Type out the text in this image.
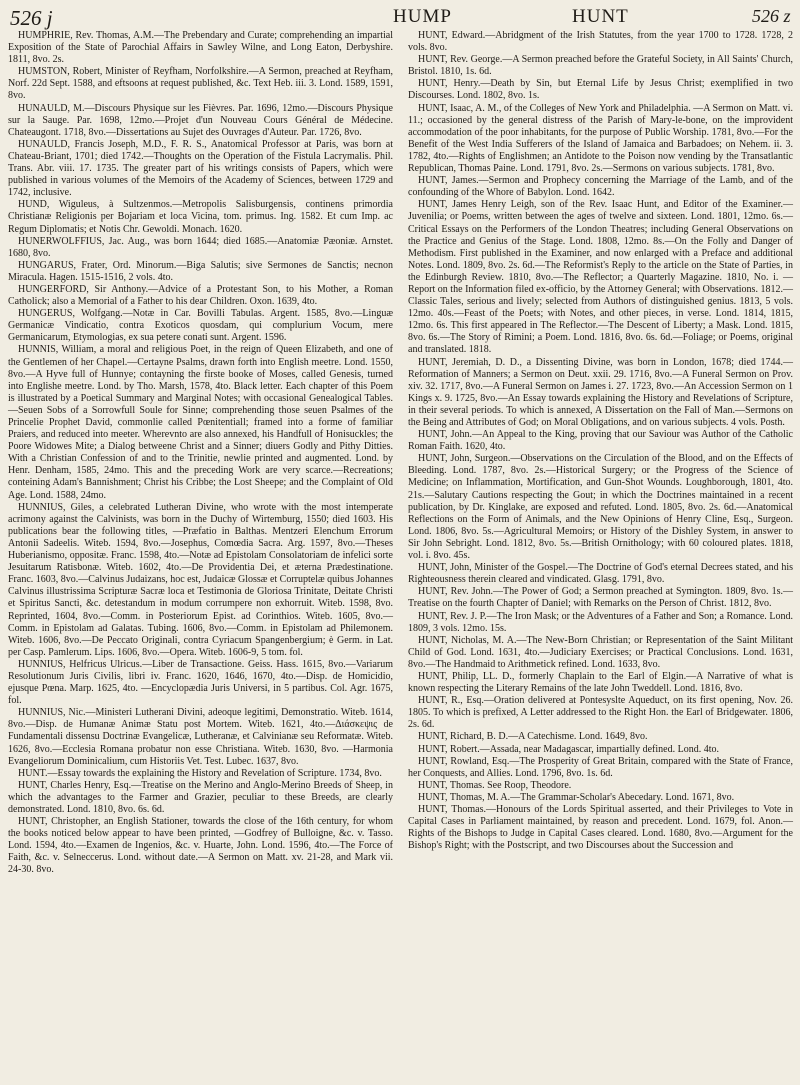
526 j	HUMP	HUNT	526 z

HUMPHRIE, Rev. Thomas, A.M.—The Prebendary and Curate; comprehending an impartial Exposition of the State of Parochial Affairs in Sawley Wilne, and Long Eaton, Derbyshire. 1811, 8vo. 2s.

HUMSTON, Robert, Minister of Reyfham, Norfolkshire.—A Sermon, preached at Reyfham, Norf. 22d Sept. 1588, and eftsoons at request published, &c. Text Heb. iii. 3. Lond. 1589, 1591, 8vo.

HUNAULD, M.—Discours Physique sur les Fièvres. Par. 1696, 12mo.—Discours Physique sur la Sauge. Par. 1698, 12mo.—Projet d'un Nouveau Cours Général de Médecine. Chateaugont. 1718, 8vo.—Dissertations au Sujet des Ouvrages d'Auteur. Par. 1726, 8vo.

HUNAULD, Francis Joseph, M.D., F. R. S., Anatomical Professor at Paris, was born at Chateau-Briant, 1701; died 1742.—Thoughts on the Operation of the Fistula Lacrymalis. Phil. Trans. Abr. viii. 17. 1735. The greater part of his writings consists of Papers, which were published in various volumes of the Memoirs of the Academy of Sciences, between 1729 and 1742, inclusive.

HUND, Wiguleus, à Sultzenmos.—Metropolis Salisburgensis, continens primordia Christianæ Religionis per Bojariam et loca Vicina, tom. primus. Ing. 1582. Et cum Imp. ac Regum Diplomatis; et Notis Chr. Gewoldi. Monach. 1620.

HUNERWOLFFIUS, Jac. Aug., was born 1644; died 1685.—Anatomiæ Pæoniæ. Arnstet. 1680, 8vo.

HUNGARUS, Frater, Ord. Minorum.—Biga Salutis; sive Sermones de Sanctis; necnon Miracula. Hagen. 1515-1516, 2 vols. 4to.

HUNGERFORD, Sir Anthony.—Advice of a Protestant Son, to his Mother, a Roman Catholick; also a Memorial of a Father to his dear Children. Oxon. 1639, 4to.

HUNGERUS, Wolfgang.—Notæ in Car. Bovilli Tabulas. Argent. 1585, 8vo.—Linguæ Germanicæ Vindicatio, contra Exoticos quosdam, qui complurium Vocum, mere Germanicarum, Etymologias, ex sua petere conati sunt. Argent. 1596.

HUNNIS, William, a moral and religious Poet, in the reign of Queen Elizabeth, and one of the Gentlemen of her Chapel.—Certayne Psalms, drawn forth into English meetre. Lond. 1550, 8vo.—A Hyve full of Hunnye; contayning the firste booke of Moses, called Genesis, turned into Englishe meetre. Lond. by Tho. Marsh, 1578, 4to. Black letter. Each chapter of this Poem is illustrated by a Poetical Summary and Marginal Notes; with occasional Genealogical Tables.—Seuen Sobs of a Sorrowfull Soule for Sinne; comprehending those seuen Psalmes of the Princelie Prophet David, commonlie called Pœnitentiall; framed into a forme of familiar Praiers, and reduced into meeter. Wherevnto are also annexed, his Handfull of Honisuckles; the Poore Widowes Mite; a Dialog betweene Christ and a Sinner; diuers Godly and Pithy Ditties. With a Christian Confession of and to the Trinitie, newlie printed and augmented. Lond. by Henr. Denham, 1585, 24mo. This and the preceding Work are very scarce.—Recreations; conteining Adam's Bannishment; Christ his Cribbe; the Lost Sheepe; and the Complaint of Old Age. Lond. 1588, 24mo.

HUNNIUS, Giles, a celebrated Lutheran Divine, who wrote with the most intemperate acrimony against the Calvinists, was born in the Duchy of Wirtemburg, 1550; died 1603. His publications bear the following titles, —Præfatio in Balthas. Mentzeri Elenchum Errorum Antonii Sadeelis. Witeb. 1594, 8vo.—Josephus, Comœdia Sacra. Arg. 1597, 8vo.—Theses Huberianismo, oppositæ. Franc. 1598, 4to.—Notæ ad Epistolam Consolatoriam de infelici sorte Jesuitarum Ratisbonæ. Witeb. 1602, 4to.—De Providentia Dei, et æterna Prædestinatione. Franc. 1603, 8vo.—Calvinus Judaizans, hoc est, Judaicæ Glossæ et Corruptelæ quibus Johannes Calvinus illustrissima Scripturæ Sacræ loca et Testimonia de Gloriosa Trinitate, Deitate Christi et Spiritus Sancti, &c. detestandum in modum corrumpere non exhorruit. Witeb. 1598, 8vo. Reprinted, 1604, 8vo.—Comm. in Posteriorum Epist. ad Corinthios. Witeb. 1605, 8vo.—Comm. in Epistolam ad Galatas. Tubing. 1606, 8vo.—Comm. in Epistolam ad Philemonem. Witeb. 1606, 8vo.—De Peccato Originali, contra Cyriacum Spangenbergium; è Germ. in Lat. per Casp. Pamlerum. Lips. 1606, 8vo.—Opera. Witeb. 1606-9, 5 tom. fol.

HUNNIUS, Helfricus Ulricus.—Liber de Transactione. Geiss. Hass. 1615, 8vo.—Variarum Resolutionum Juris Civilis, libri iv. Franc. 1620, 1646, 1670, 4to.—Disp. de Homicidio, ejusque Pœna. Marp. 1625, 4to. —Encyclopædia Juris Universi, in 5 partibus. Col. Agr. 1675, fol.

HUNNIUS, Nic.—Ministeri Lutherani Divini, adeoque legitimi, Demonstratio. Witeb. 1614, 8vo.—Disp. de Humanæ Animæ Statu post Mortem. Witeb. 1621, 4to.—Διάσκεψις de Fundamentali dissensu Doctrinæ Evangelicæ, Lutheranæ, et Calvinianæ seu Reformatæ. Witeb. 1626, 8vo.—Ecclesia Romana probatur non esse Christiana. Witeb. 1630, 8vo. —Harmonia Evangeliorum Dominicalium, cum Historiis Vet. Test. Lubec. 1637, 8vo.

HUNT.—Essay towards the explaining the History and Revelation of Scripture. 1734, 8vo.

HUNT, Charles Henry, Esq.—Treatise on the Merino and Anglo-Merino Breeds of Sheep, in which the advantages to the Farmer and Grazier, peculiar to these Breeds, are clearly demonstrated. Lond. 1810, 8vo. 6s. 6d.

HUNT, Christopher, an English Stationer, towards the close of the 16th century, for whom the books noticed below appear to have been printed, —Godfrey of Bulloigne, &c. v. Tasso. Lond. 1594, 4to.—Examen de Ingenios, &c. v. Huarte, John. Lond. 1596, 4to.—The Force of Faith, &c. v. Selneccerus. Lond. without date.—A Sermon on Matt. xv. 21-28, and Mark vii. 24-30. 8vo.

HUNT, Edward.—Abridgment of the Irish Statutes, from the year 1700 to 1728. 1728, 2 vols. 8vo.

HUNT, Rev. George.—A Sermon preached before the Grateful Society, in All Saints' Church, Bristol. 1810, 1s. 6d.

HUNT, Henry.—Death by Sin, but Eternal Life by Jesus Christ; exemplified in two Discourses. Lond. 1802, 8vo. 1s.

HUNT, Isaac, A. M., of the Colleges of New York and Philadelphia. —A Sermon on Matt. vi. 11.; occasioned by the general distress of the Parish of Mary-le-bone, on the improvident accommodation of the poor inhabitants, for the purpose of Public Worship. 1781, 8vo.—For the Benefit of the West India Sufferers of the Island of Jamaica and Barbadoes; on Nehem. ii. 3. 1782, 4to.—Rights of Englishmen; an Antidote to the Poison now vending by the Transatlantic Republican, Thomas Paine. Lond. 1791, 8vo. 2s.—Sermons on various subjects. 1781, 8vo.

HUNT, James.—Sermon and Prophecy concerning the Marriage of the Lamb, and of the confounding of the Whore of Babylon. Lond. 1642.

HUNT, James Henry Leigh, son of the Rev. Isaac Hunt, and Editor of the Examiner.—Juvenilia; or Poems, written between the ages of twelve and sixteen. Lond. 1801, 12mo. 6s.—Critical Essays on the Performers of the London Theatres; including General Observations on the Practice and Genius of the Stage. Lond. 1808, 12mo. 8s.—On the Folly and Danger of Methodism. First published in the Examiner, and now enlarged with a Preface and additional Notes. Lond. 1809, 8vo. 2s. 6d.—The Reformist's Reply to the article on the State of Parties, in the Edinburgh Review. 1810, 8vo.—The Reflector; a Quarterly Magazine. 1810, No. i. —Report on the Information filed ex-officio, by the Attorney General; with Observations. 1812.—Classic Tales, serious and lively; selected from Authors of distinguished genius. 1813, 5 vols. 12mo. 40s.—Feast of the Poets; with Notes, and other pieces, in verse. Lond. 1814, 1815, 12mo. 6s. This first appeared in The Reflector.—The Descent of Liberty; a Mask. Lond. 1815, 8vo. 6s.—The Story of Rimini; a Poem. Lond. 1816, 8vo. 6s. 6d.—Foliage; or Poems, original and translated. 1818.

HUNT, Jeremiah, D. D., a Dissenting Divine, was born in London, 1678; died 1744.—Reformation of Manners; a Sermon on Deut. xxii. 29. 1716, 8vo.—A Funeral Sermon on Prov. xiv. 32. 1717, 8vo.—A Funeral Sermon on James i. 27. 1723, 8vo.—An Accession Sermon on 1 Kings x. 9. 1725, 8vo.—An Essay towards explaining the History and Revelations of Scripture, in their several periods. To which is annexed, A Dissertation on the Fall of Man.—Sermons on the Being and Attributes of God; on Moral Obligations, and on various subjects. 4 vols. Posth.

HUNT, John.—An Appeal to the King, proving that our Saviour was Author of the Catholic Roman Faith. 1620, 4to.

HUNT, John, Surgeon.—Observations on the Circulation of the Blood, and on the Effects of Bleeding. Lond. 1787, 8vo. 2s.—Historical Surgery; or the Progress of the Science of Medicine; on Inflammation, Mortification, and Gun-Shot Wounds. Loughborough, 1801, 4to. 21s.—Salutary Cautions respecting the Gout; in which the Doctrines maintained in a recent publication, by Dr. Kinglake, are exposed and refuted. Lond. 1805, 8vo. 2s. 6d.—Anatomical Reflections on the Form of Animals, and the New Opinions of Henry Cline, Esq., Surgeon. Lond. 1806, 8vo. 5s.—Agricultural Memoirs; or History of the Dishley System, in answer to Sir John Sebright. Lond. 1812, 8vo. 5s.—British Ornithology; with 60 coloured plates. 1818, vol. i. 8vo. 45s.

HUNT, John, Minister of the Gospel.—The Doctrine of God's eternal Decrees stated, and his Righteousness therein cleared and vindicated. Glasg. 1791, 8vo.

HUNT, Rev. John.—The Power of God; a Sermon preached at Symington. 1809, 8vo. 1s.—Treatise on the fourth Chapter of Daniel; with Remarks on the Person of Christ. 1812, 8vo.

HUNT, Rev. J. P.—The Iron Mask; or the Adventures of a Father and Son; a Romance. Lond. 1809, 3 vols. 12mo. 15s.

HUNT, Nicholas, M. A.—The New-Born Christian; or Representation of the Saint Militant Child of God. Lond. 1631, 4to.—Judiciary Exercises; or Practical Conclusions. Lond. 1631, 8vo.—The Handmaid to Arithmetick refined. Lond. 1633, 8vo.

HUNT, Philip, LL. D., formerly Chaplain to the Earl of Elgin.—A Narrative of what is known respecting the Literary Remains of the late John Tweddell. Lond. 1816, 8vo.

HUNT, R., Esq.—Oration delivered at Pontesyslte Aqueduct, on its first opening, Nov. 26. 1805. To which is prefixed, A Letter addressed to the Right Hon. the Earl of Bridgewater. 1806, 2s. 6d.

HUNT, Richard, B. D.—A Catechisme. Lond. 1649, 8vo.

HUNT, Robert.—Assada, near Madagascar, impartially defined. Lond. 4to.

HUNT, Rowland, Esq.—The Prosperity of Great Britain, compared with the State of France, her Conquests, and Allies. Lond. 1796, 8vo. 1s. 6d.

HUNT, Thomas. See Roop, Theodore.

HUNT, Thomas, M. A.—The Grammar-Scholar's Abecedary. Lond. 1671, 8vo.

HUNT, Thomas.—Honours of the Lords Spiritual asserted, and their Privileges to Vote in Capital Cases in Parliament maintained, by reason and precedent. Lond. 1679, fol. Anon.—Rights of the Bishops to Judge in Capital Cases cleared. Lond. 1680, 8vo.—Argument for the Bishop's Right; with the Postscript, and two Discourses about the Succession and
